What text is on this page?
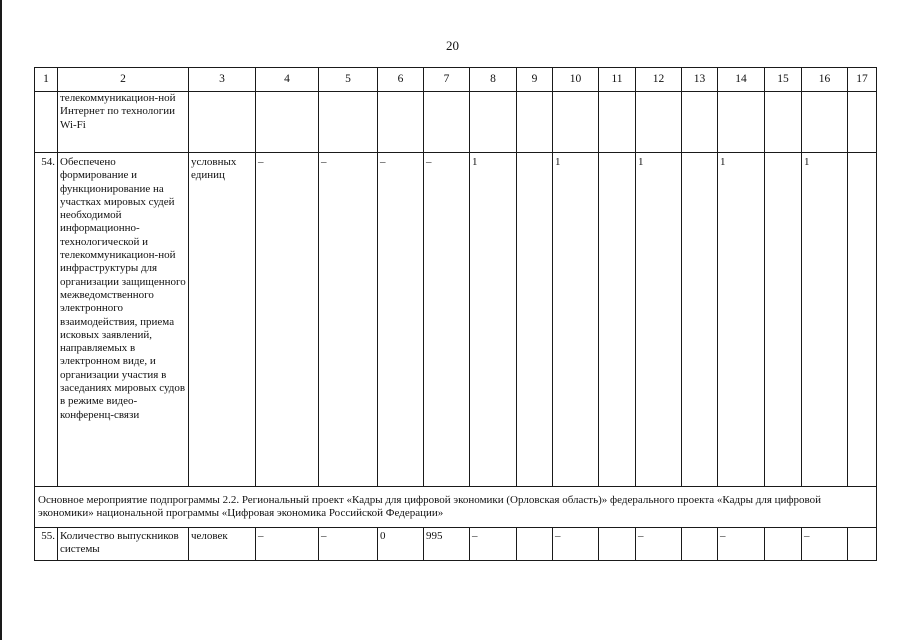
20
1	2	3	4	5	6	7	8	9	10	11	12	13	14	15	16	17
	телекоммуникацион-ной Интернет по технологии Wi-Fi															
54.	Обеспечено формирование и функционирование на участках мировых судей необходимой информационно-технологической и телекоммуникацион-ной инфраструктуры для организации защищенного межведомственного электронного взаимодействия, приема исковых заявлений, направляемых в электронном виде, и организации участия в заседаниях мировых судов в режиме видео-конференц-связи	условных единиц	–	–	–	–	1		1		1		1		1	
Основное мероприятие подпрограммы 2.2. Региональный проект «Кадры для цифровой экономики (Орловская область)» федерального проекта «Кадры для цифровой экономики» национальной программы «Цифровая экономика Российской Федерации»																
55.	Количество выпускников системы	человек	–	–	0	995	–		–		–		–		–	
